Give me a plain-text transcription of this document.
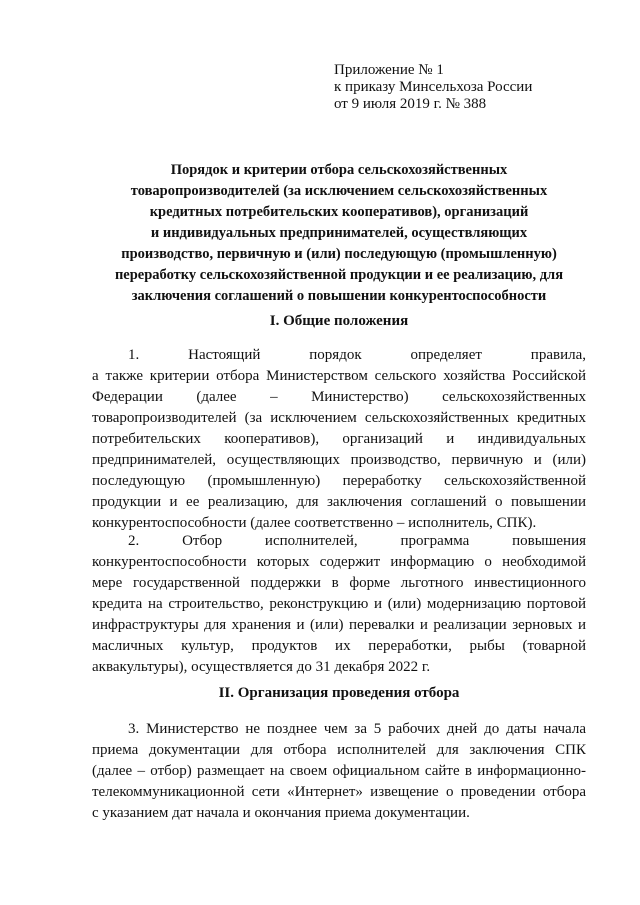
Приложение № 1
к приказу Минсельхоза России
от 9 июля 2019 г. № 388
Порядок и критерии отбора сельскохозяйственных
товаропроизводителей (за исключением сельскохозяйственных
кредитных потребительских кооперативов), организаций
и индивидуальных предпринимателей, осуществляющих
производство, первичную и (или) последующую (промышленную)
переработку сельскохозяйственной продукции и ее реализацию, для
заключения соглашений о повышении конкурентоспособности
I. Общие положения
1. Настоящий порядок определяет правила,
а также критерии отбора Министерством сельского хозяйства Российской
Федерации (далее – Министерство) сельскохозяйственных
товаропроизводителей (за исключением сельскохозяйственных кредитных
потребительских кооперативов), организаций и индивидуальных
предпринимателей, осуществляющих производство, первичную и (или)
последующую (промышленную) переработку сельскохозяйственной
продукции и ее реализацию, для заключения соглашений о повышении
конкурентоспособности (далее соответственно – исполнитель, СПК).
2. Отбор исполнителей, программа повышения
конкурентоспособности которых содержит информацию о необходимой
мере государственной поддержки в форме льготного инвестиционного
кредита на строительство, реконструкцию и (или) модернизацию портовой
инфраструктуры для хранения и (или) перевалки и реализации зерновых и
масличных культур, продуктов их переработки, рыбы (товарной
аквакультуры), осуществляется до 31 декабря 2022 г.
II. Организация проведения отбора
3. Министерство не позднее чем за 5 рабочих дней до даты начала
приема документации для отбора исполнителей для заключения СПК
(далее – отбор) размещает на своем официальном сайте в информационно-
телекоммуникационной сети «Интернет» извещение о проведении отбора
с указанием дат начала и окончания приема документации.
